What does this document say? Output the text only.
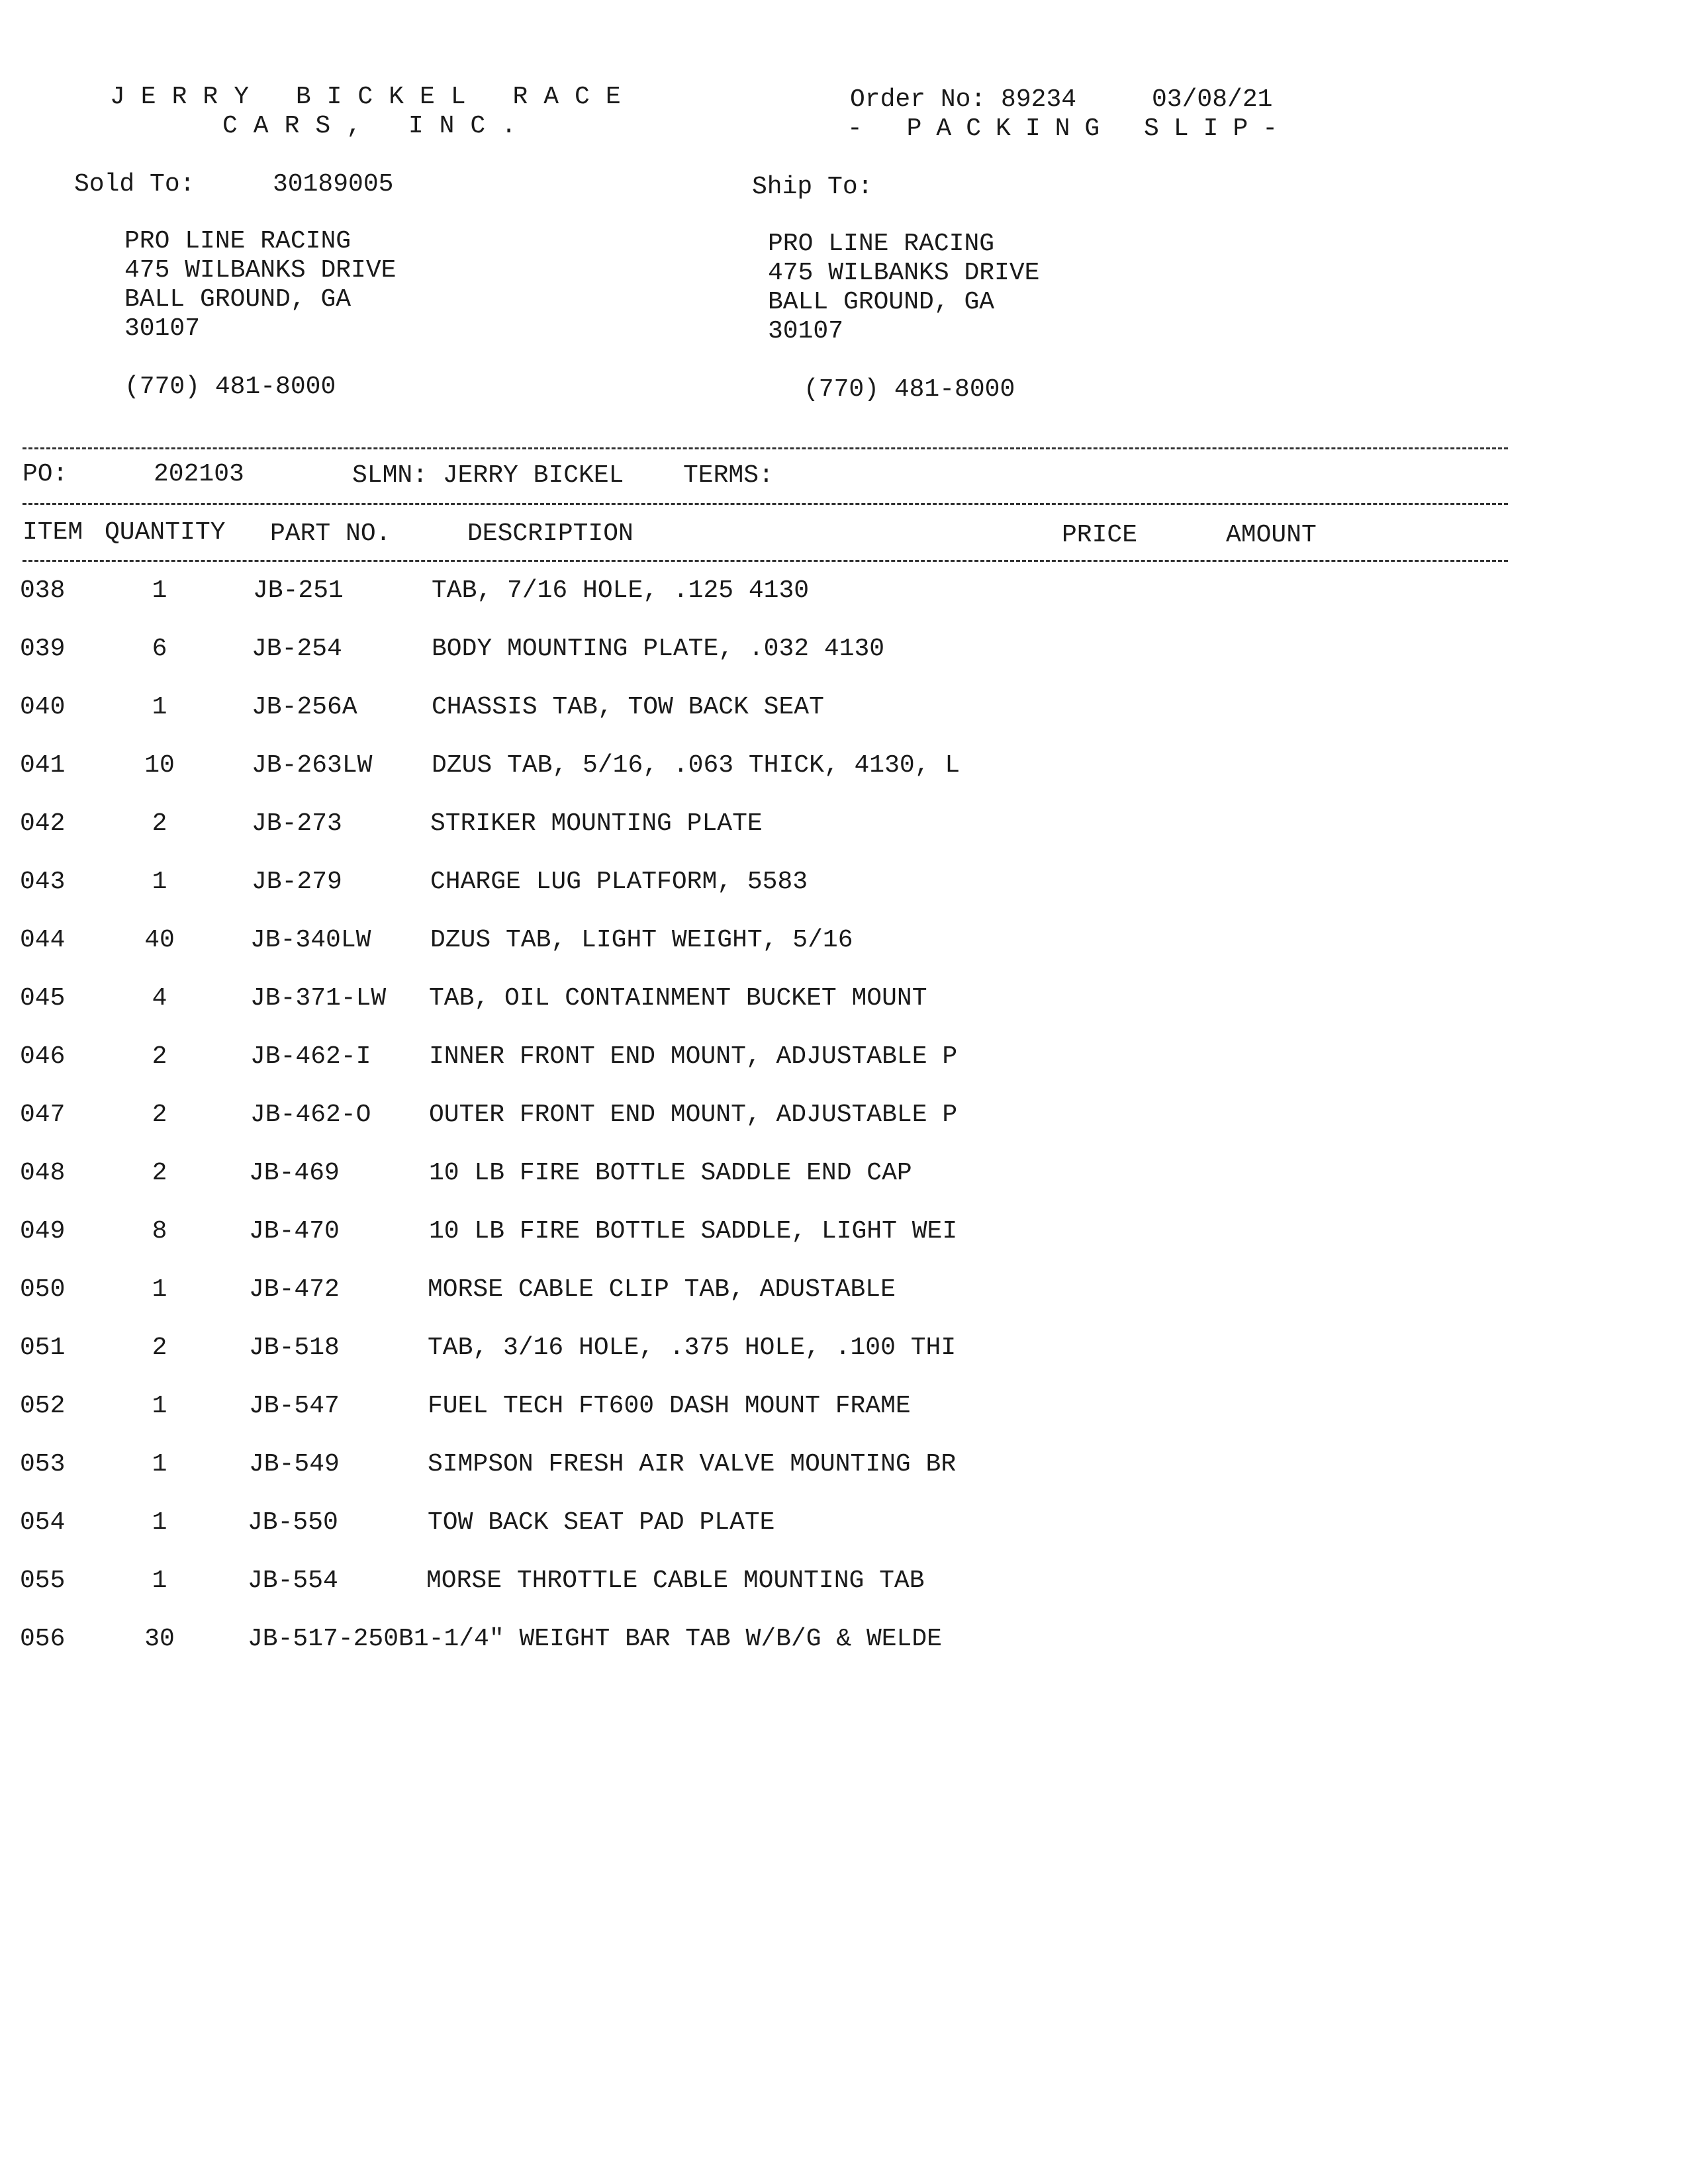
JERRY BICKEL RACE
CARS, INC.
Order No: 89234	03/08/21
- PACKING SLIP-
Sold To:	30189005
PRO LINE RACING
475 WILBANKS DRIVE
BALL GROUND, GA
30107
(770) 481-8000
Ship To:
PRO LINE RACING
475 WILBANKS DRIVE
BALL GROUND, GA
30107
(770) 481-8000
PO:	202103	SLMN: JERRY BICKEL TERMS:
ITEM QUANTITY PART NO.	DESCRIPTION	PRICE	AMOUNT
038	1	JB-251	TAB, 7/16 HOLE, .125 4130
039	6	JB-254	BODY MOUNTING PLATE, .032 4130
040	1	JB-256A	CHASSIS TAB, TOW BACK SEAT
041	10	JB-263LW DZUS TAB, 5/16, .063 THICK, 4130, L
042	2	JB-273	STRIKER MOUNTING PLATE
043	1	JB-279	CHARGE LUG PLATFORM, 5583
044	40	JB-340LW DZUS TAB, LIGHT WEIGHT, 5/16
045	4	JB-371-LW TAB, OIL CONTAINMENT BUCKET MOUNT
046	2	JB-462-I INNER FRONT END MOUNT, ADJUSTABLE P
047	2	JB-462-O OUTER FRONT END MOUNT, ADJUSTABLE P
048	2	JB-469	10 LB FIRE BOTTLE SADDLE END CAP
049	8	JB-470	10 LB FIRE BOTTLE SADDLE, LIGHT WEI
050	1	JB-472	MORSE CABLE CLIP TAB, ADUSTABLE
051	2	JB-518	TAB, 3/16 HOLE, .375 HOLE, .100 THI
052	1	JB-547	FUEL TECH FT600 DASH MOUNT FRAME
053	1	JB-549	SIMPSON FRESH AIR VALVE MOUNTING BR
054	1	JB-550	TOW BACK SEAT PAD PLATE
055	1	JB-554	MORSE THROTTLE CABLE MOUNTING TAB
056	30	JB-517-250B1-1/4" WEIGHT BAR TAB W/B/G & WELDE
